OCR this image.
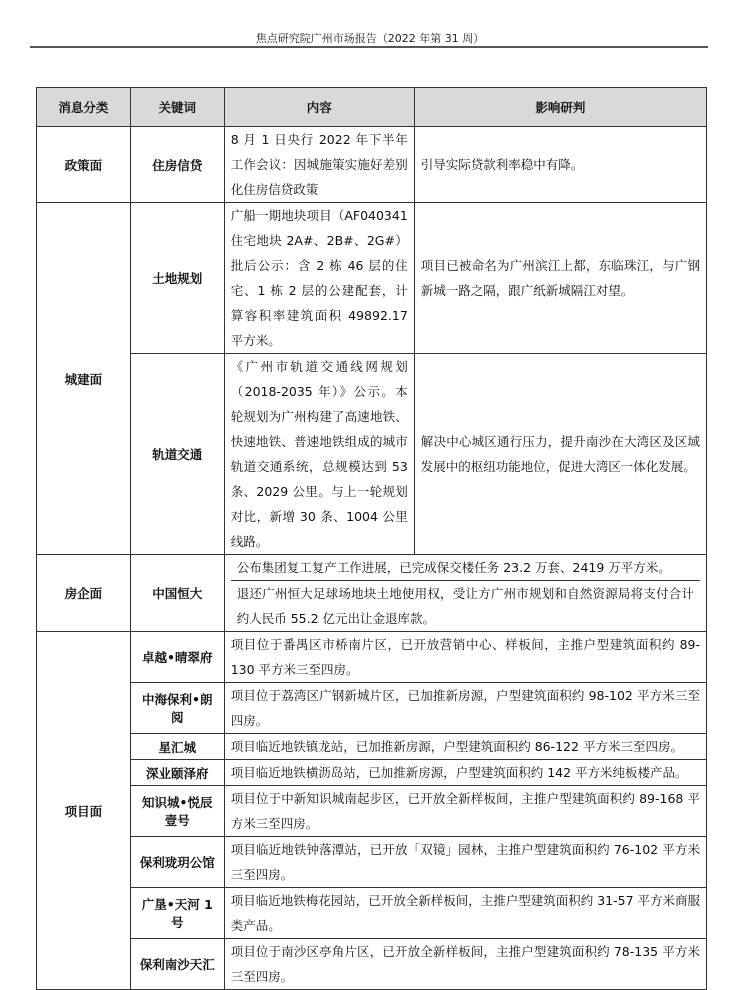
焦点研究院广州市场报告（2022 年第 31 周）
消息分类	关键词	内容	影响研判
政策面	住房信贷	8 月 1 日央行 2022 年下半年工作会议：因城施策实施好差别化住房信贷政策	引导实际贷款利率稳中有降。
城建面	土地规划	广船一期地块项目（AF040341 住宅地块 2A#、2B#、2G#）批后公示：含 2 栋 46 层的住宅、1 栋 2 层的公建配套，计算容积率建筑面积 49892.17 平方米。	项目已被命名为广州滨江上都，东临珠江，与广钢新城一路之隔，跟广纸新城隔江对望。
	轨道交通	《广州市轨道交通线网规划（2018-2035 年）》公示。本轮规划为广州构建了高速地铁、快速地铁、普速地铁组成的城市轨道交通系统，总规模达到 53 条、2029 公里。与上一轮规划对比，新增 30 条、1004 公里线路。	解决中心城区通行压力，提升南沙在大湾区及区域发展中的枢纽功能地位，促进大湾区一体化发展。
房企面	中国恒大	公布集团复工复产工作进展，已完成保交楼任务 23.2 万套、2419 万平方米。
退还广州恒大足球场地块土地使用权，受让方广州市规划和自然资源局将支付合计约人民币 55.2 亿元出让金退库款。	

项目面	卓越•晴翠府	项目位于番禺区市桥南片区，已开放营销中心、样板间，主推户型建筑面积约 89-130 平方米三至四房。	
	中海保利•朗阅	项目位于荔湾区广钢新城片区，已加推新房源，户型建筑面积约 98-102 平方米三至四房。	
	星汇城	项目临近地铁镇龙站，已加推新房源，户型建筑面积约 86-122 平方米三至四房。	
	深业颐泽府	项目临近地铁横沥岛站，已加推新房源，户型建筑面积约 142 平方米纯板楼产品。	
	知识城•悦辰壹号	项目位于中新知识城南起步区，已开放全新样板间，主推户型建筑面积约 89-168 平方米三至四房。	
	保利珑玥公馆	项目临近地铁钟落潭站，已开放「双镜」园林，主推户型建筑面积约 76-102 平方米三至四房。	
	广垦•天河 1 号	项目临近地铁梅花园站，已开放全新样板间，主推户型建筑面积约 31-57 平方米商服类产品。	
	保利南沙天汇	项目位于南沙区亭角片区，已开放全新样板间，主推户型建筑面积约 78-135 平方米三至四房。	
